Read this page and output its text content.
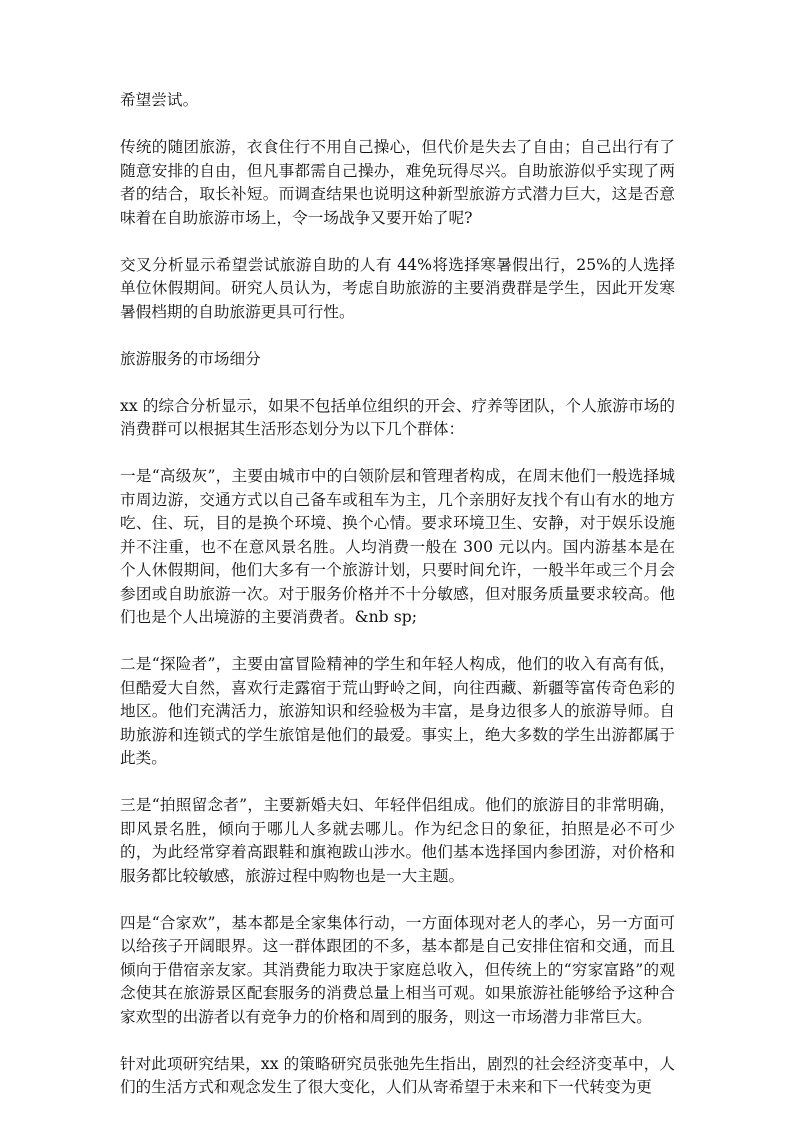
希望尝试。

传统的随团旅游，衣食住行不用自己操心，但代价是失去了自由；自己出行有了随意安排的自由，但凡事都需自己操办，难免玩得尽兴。自助旅游似乎实现了两者的结合，取长补短。而调查结果也说明这种新型旅游方式潜力巨大，这是否意味着在自助旅游市场上，令一场战争又要开始了呢?

交叉分析显示希望尝试旅游自助的人有 44%将选择寒暑假出行，25%的人选择单位休假期间。研究人员认为，考虑自助旅游的主要消费群是学生，因此开发寒暑假档期的自助旅游更具可行性。

旅游服务的市场细分

xx 的综合分析显示，如果不包括单位组织的开会、疗养等团队，个人旅游市场的消费群可以根据其生活形态划分为以下几个群体：

一是“高级灰”，主要由城市中的白领阶层和管理者构成，在周末他们一般选择城市周边游，交通方式以自己备车或租车为主，几个亲朋好友找个有山有水的地方吃、住、玩，目的是换个环境、换个心情。要求环境卫生、安静，对于娱乐设施并不注重，也不在意风景名胜。人均消费一般在 300 元以内。国内游基本是在个人休假期间，他们大多有一个旅游计划，只要时间允许，一般半年或三个月会参团或自助旅游一次。对于服务价格并不十分敏感，但对服务质量要求较高。他们也是个人出境游的主要消费者。&nb sp;

二是“探险者”，主要由富冒险精神的学生和年轻人构成，他们的收入有高有低，但酷爱大自然，喜欢行走露宿于荒山野岭之间，向往西藏、新疆等富传奇色彩的地区。他们充满活力，旅游知识和经验极为丰富，是身边很多人的旅游导师。自助旅游和连锁式的学生旅馆是他们的最爱。事实上，绝大多数的学生出游都属于此类。

三是“拍照留念者”，主要新婚夫妇、年轻伴侣组成。他们的旅游目的非常明确，即风景名胜，倾向于哪儿人多就去哪儿。作为纪念日的象征，拍照是必不可少的，为此经常穿着高跟鞋和旗袍跋山涉水。他们基本选择国内参团游，对价格和服务都比较敏感，旅游过程中购物也是一大主题。

四是“合家欢”，基本都是全家集体行动，一方面体现对老人的孝心，另一方面可以给孩子开阔眼界。这一群体跟团的不多，基本都是自己安排住宿和交通，而且倾向于借宿亲友家。其消费能力取决于家庭总收入，但传统上的“穷家富路”的观念使其在旅游景区配套服务的消费总量上相当可观。如果旅游社能够给予这种合家欢型的出游者以有竞争力的价格和周到的服务，则这一市场潜力非常巨大。

针对此项研究结果，xx 的策略研究员张弛先生指出，剧烈的社会经济变革中，人们的生活方式和观念发生了很大变化，人们从寄希望于未来和下一代转变为更
